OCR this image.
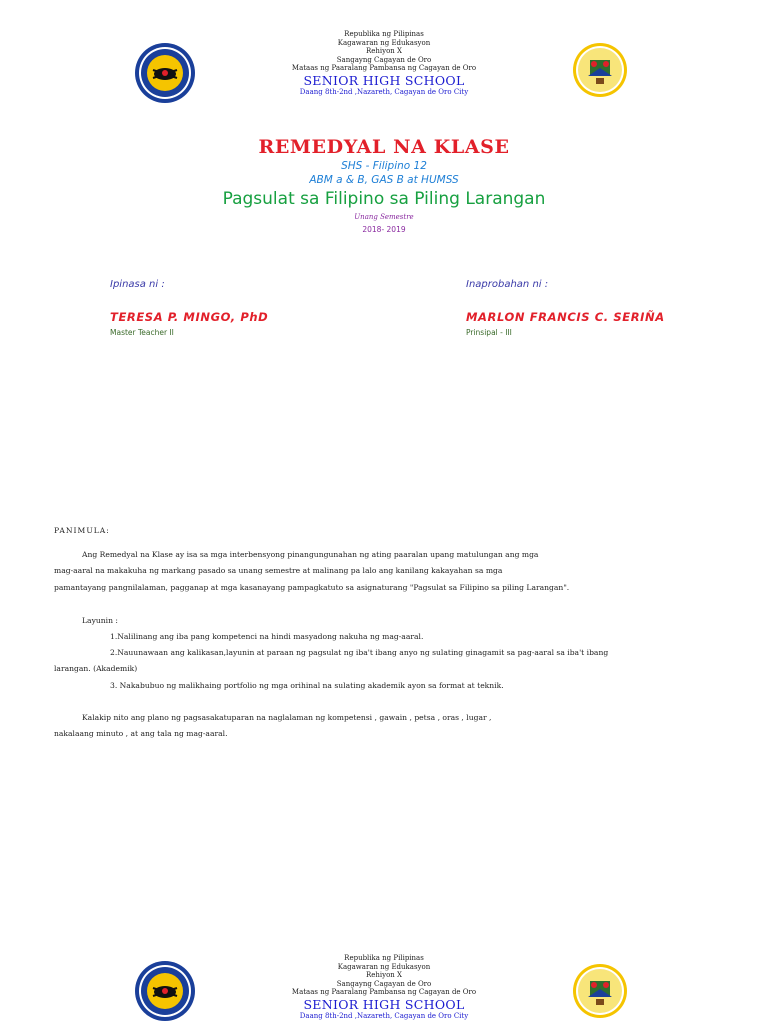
Republika ng Pilipinas
Kagawaran ng Edukasyon
Rehiyon X
Sangayng Cagayan de Oro
Mataas ng Paaralang Pambansa ng Cagayan de Oro
SENIOR HIGH SCHOOL
Daang 8th-2nd ,Nazareth, Cagayan de Oro City
REMEDYAL NA KLASE
SHS - Filipino 12
ABM a & B, GAS B at HUMSS
Pagsulat sa Filipino sa Piling Larangan
Unang Semestre
2018- 2019
Ipinasa ni :
TERESA P. MINGO, PhD
Master Teacher II
Inaprobahan ni :
MARLON FRANCIS C. SERIÑA
Prinsipal - III
PANIMULA:
Ang Remedyal na Klase ay isa sa mga interbensyong pinangungunahan ng ating paaralan upang matulungan ang mga
mag-aaral na makakuha ng markang pasado sa unang semestre at malinang pa lalo ang kanilang kakayahan sa mga
pamantayang pangnilalaman, pagganap at mga kasanayang pampagkatuto sa asignaturang "Pagsulat sa Filipino sa piling Larangan".
Layunin :
1.Nalilinang ang iba pang kompetenci na hindi masyadong nakuha ng mag-aaral.
2.Nauunawaan ang kalikasan,layunin at paraan ng pagsulat ng iba't ibang anyo ng sulating ginagamit sa pag-aaral sa iba't ibang
larangan. (Akademik)
3. Nakabubuo ng malikhaing portfolio ng mga orihinal na sulating akademik ayon sa format at teknik.
Kalakip nito ang plano ng pagsasakatuparan na naglalaman ng kompetensi , gawain , petsa , oras , lugar ,
nakalaang minuto , at ang tala ng mag-aaral.
Republika ng Pilipinas
Kagawaran ng Edukasyon
Rehiyon X
Sangayng Cagayan de Oro
Mataas ng Paaralang Pambansa ng Cagayan de Oro
SENIOR HIGH SCHOOL
Daang 8th-2nd ,Nazareth, Cagayan de Oro City
